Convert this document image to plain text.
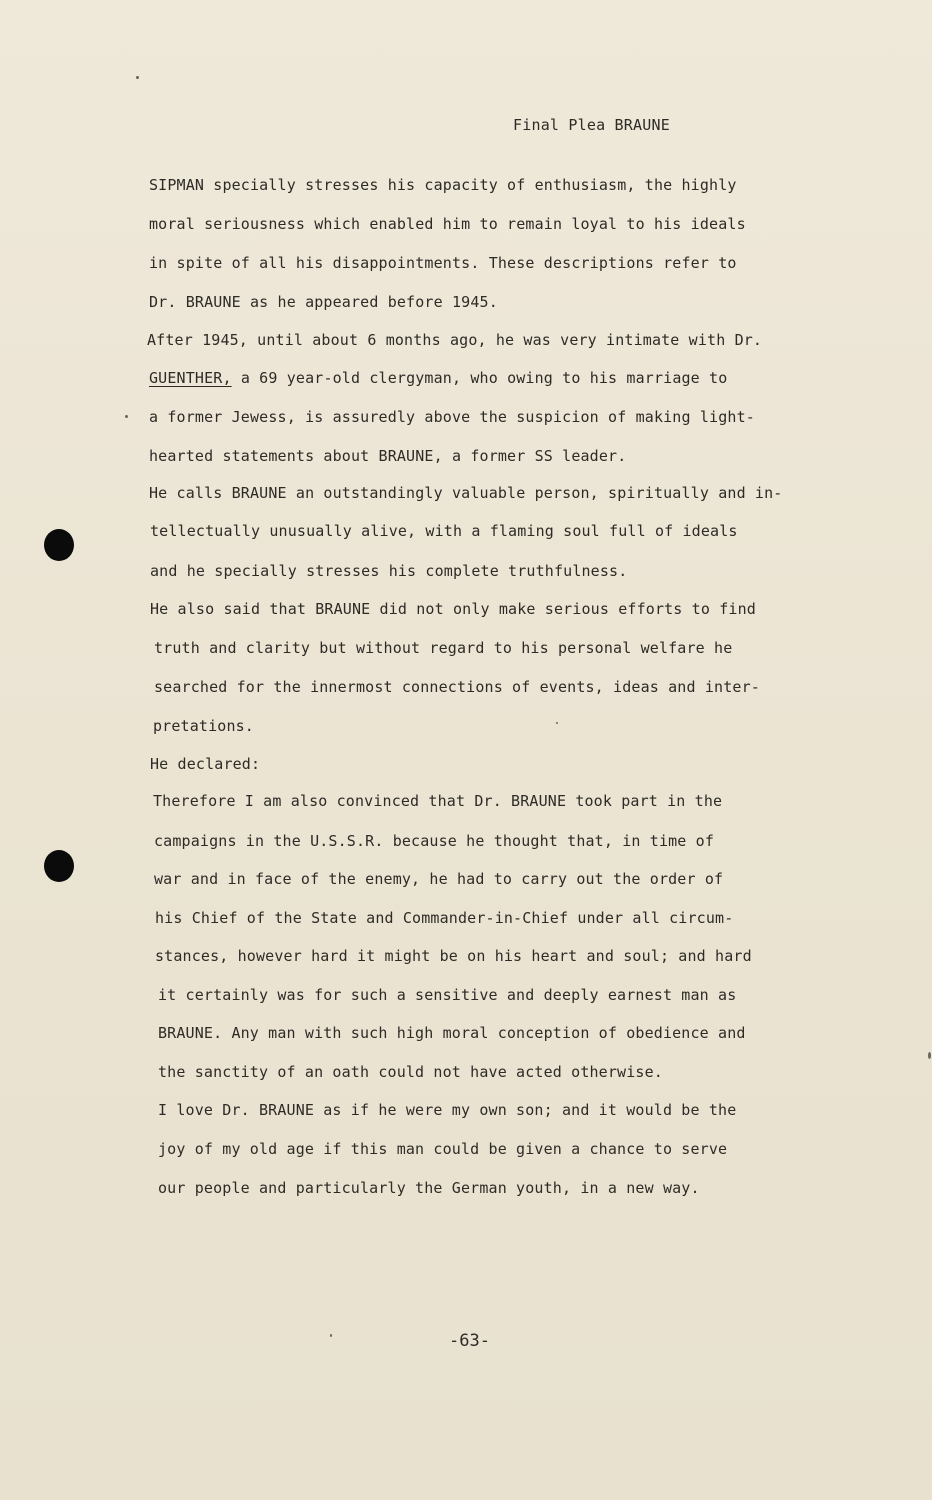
Final Plea BRAUNE
SIPMAN specially stresses his capacity of enthusiasm, the highly
moral seriousness which enabled him to remain loyal to his ideals
in spite of all his disappointments. These descriptions refer to
Dr. BRAUNE as he appeared before 1945.
After 1945, until about 6 months ago, he was very intimate with Dr.
GUENTHER, a 69 year-old clergyman, who owing to his marriage to
a former Jewess, is assuredly above the suspicion of making light-
hearted statements about BRAUNE, a former SS leader.
He calls BRAUNE an outstandingly valuable person, spiritually and in-
tellectually unusually alive, with a flaming soul full of ideals
and he specially stresses his complete truthfulness.
He also said that BRAUNE did not only make serious efforts to find
truth and clarity but without regard to his personal welfare he
searched for the innermost connections of events, ideas and inter-
pretations.
He declared:
Therefore I am also convinced that Dr. BRAUNE took part in the
campaigns in the U.S.S.R. because he thought that, in time of
war and in face of the enemy, he had to carry out the order of
his Chief of the State and Commander-in-Chief under all circum-
stances, however hard it might be on his heart and soul; and hard
it certainly was for such a sensitive and deeply earnest man as
BRAUNE. Any man with such high moral conception of obedience and
the sanctity of an oath could not have acted otherwise.
I love Dr. BRAUNE as if he were my own son; and it would be the
joy of my old age if this man could be given a chance to serve
our people and particularly the German youth, in a new way.
-63-
